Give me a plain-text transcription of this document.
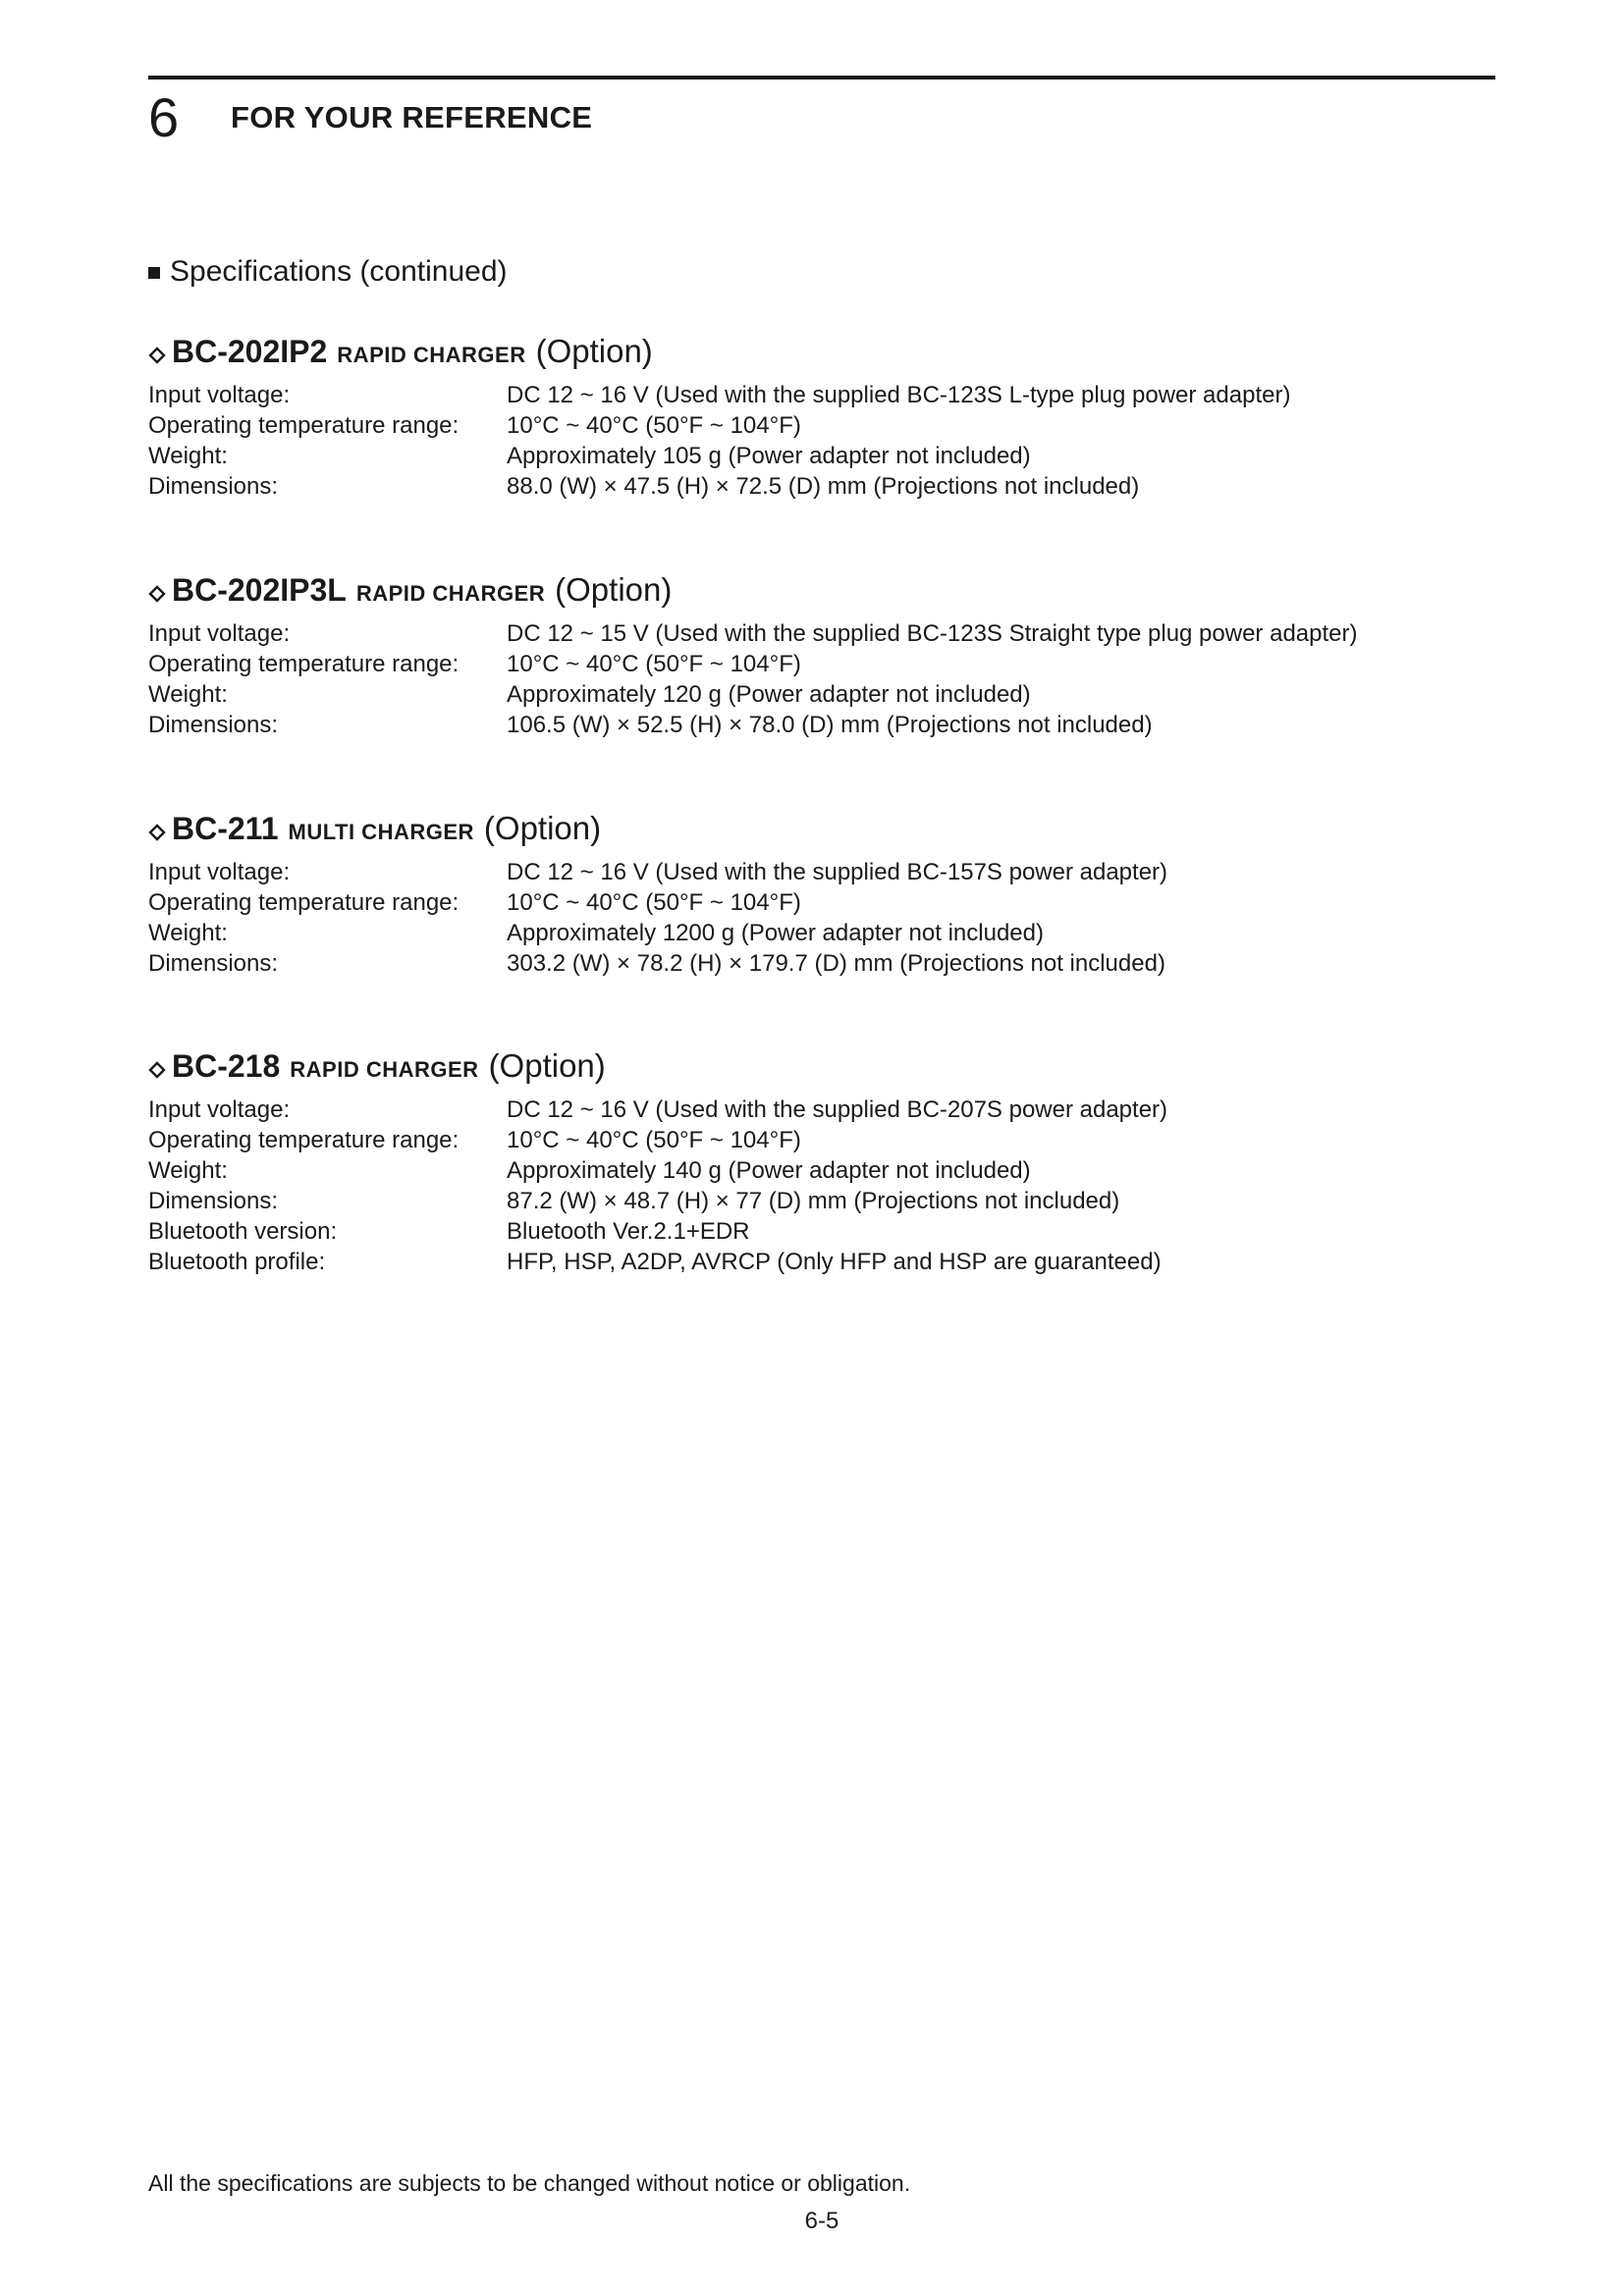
6 FOR YOUR REFERENCE
Specifications (continued)
BC-202IP2 RAPID CHARGER (Option)
Input voltage:	DC 12 ~ 16 V (Used with the supplied BC-123S L-type plug power adapter)
Operating temperature range:	10°C ~ 40°C (50°F ~ 104°F)
Weight:	Approximately 105 g (Power adapter not included)
Dimensions:	88.0 (W) × 47.5 (H) × 72.5 (D) mm (Projections not included)
BC-202IP3L RAPID CHARGER (Option)
Input voltage:	DC 12 ~ 15 V (Used with the supplied BC-123S Straight type plug power adapter)
Operating temperature range:	10°C ~ 40°C (50°F ~ 104°F)
Weight:	Approximately 120 g (Power adapter not included)
Dimensions:	106.5 (W) × 52.5 (H) × 78.0 (D) mm (Projections not included)
BC-211 MULTI CHARGER (Option)
Input voltage:	DC 12 ~ 16 V (Used with the supplied BC-157S power adapter)
Operating temperature range:	10°C ~ 40°C (50°F ~ 104°F)
Weight:	Approximately 1200 g (Power adapter not included)
Dimensions:	303.2 (W) × 78.2 (H) × 179.7 (D) mm (Projections not included)
BC-218 RAPID CHARGER (Option)
Input voltage:	DC 12 ~ 16 V (Used with the supplied BC-207S power adapter)
Operating temperature range:	10°C ~ 40°C (50°F ~ 104°F)
Weight:	Approximately 140 g (Power adapter not included)
Dimensions:	87.2 (W) × 48.7 (H) × 77 (D) mm (Projections not included)
Bluetooth version:	Bluetooth Ver.2.1+EDR
Bluetooth profile:	HFP, HSP, A2DP, AVRCP (Only HFP and HSP are guaranteed)
All the specifications are subjects to be changed without notice or obligation.
6-5
